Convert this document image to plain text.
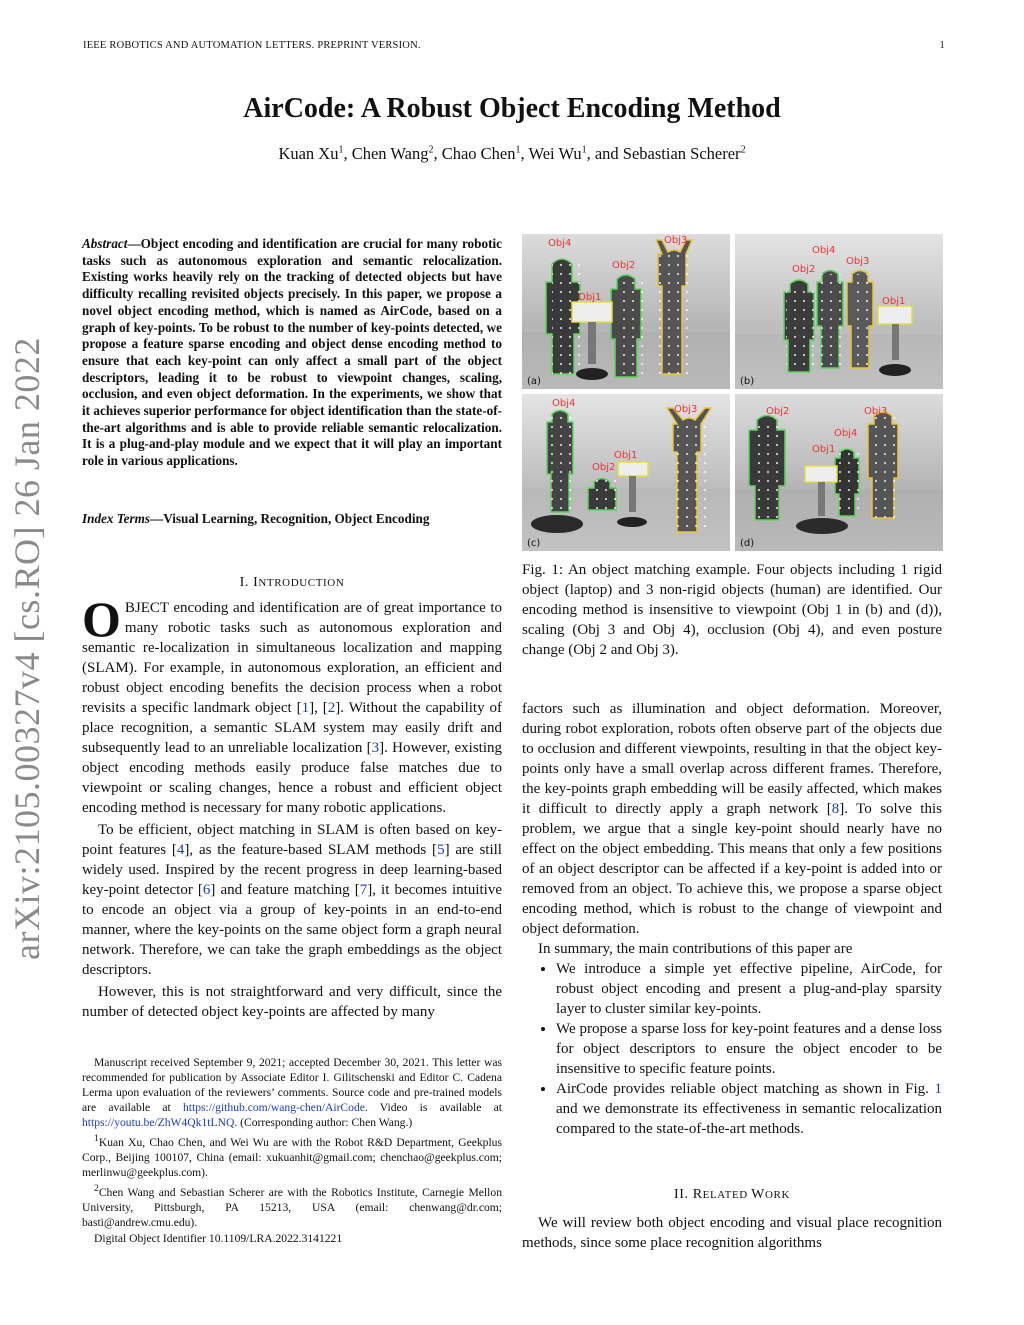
IEEE ROBOTICS AND AUTOMATION LETTERS. PREPRINT VERSION.	1
arXiv:2105.00327v4 [cs.RO] 26 Jan 2022
AirCode: A Robust Object Encoding Method
Kuan Xu$^1$, Chen Wang$^2$, Chao Chen$^1$, Wei Wu$^1$, and Sebastian Scherer$^2$
Abstract—Object encoding and identification are crucial for many robotic tasks such as autonomous exploration and semantic relocalization. Existing works heavily rely on the tracking of detected objects but have difficulty recalling revisited objects precisely. In this paper, we propose a novel object encoding method, which is named as AirCode, based on a graph of key-points. To be robust to the number of key-points detected, we propose a feature sparse encoding and object dense encoding method to ensure that each key-point can only affect a small part of the object descriptors, leading it to be robust to viewpoint changes, scaling, occlusion, and even object deformation. In the experiments, we show that it achieves superior performance for object identification than the state-of-the-art algorithms and is able to provide reliable semantic relocalization. It is a plug-and-play module and we expect that it will play an important role in various applications.
Index Terms—Visual Learning, Recognition, Object Encoding
I. INTRODUCTION

OBJECT encoding and identification are of great importance to many robotic tasks such as autonomous exploration and semantic re-localization in simultaneous localization and mapping (SLAM). For example, in autonomous exploration, an efficient and robust object encoding benefits the decision process when a robot revisits a specific landmark object [1], [2]. Without the capability of place recognition, a semantic SLAM system may easily drift and subsequently lead to an unreliable localization [3]. However, existing object encoding methods easily produce false matches due to viewpoint or scaling changes, hence a robust and efficient object encoding method is necessary for many robotic applications.

To be efficient, object matching in SLAM is often based on key-point features [4], as the feature-based SLAM methods [5] are still widely used. Inspired by the recent progress in deep learning-based key-point detector [6] and feature matching [7], it becomes intuitive to encode an object via a group of key-points in an end-to-end manner, where the key-points on the same object form a graph neural network. Therefore, we can take the graph embeddings as the object descriptors.

However, this is not straightforward and very difficult, since the number of detected object key-points are affected by many

Manuscript received September 9, 2021; accepted December 30, 2021. This letter was recommended for publication by Associate Editor I. Gilitschenski and Editor C. Cadena Lerma upon evaluation of the reviewers’ comments. Source code and pre-trained models are available at https://github.com/wang-chen/AirCode. Video is available at https://youtu.be/ZhW4Qk1tLNQ. (Corresponding author: Chen Wang.)

$^1$Kuan Xu, Chao Chen, and Wei Wu are with the Robot R&D Department, Geekplus Corp., Beijing 100107, China (email: xukuanhit@gmail.com; chenchao@geekplus.com; merlinwu@geekplus.com).

$^2$Chen Wang and Sebastian Scherer are with the Robotics Institute, Carnegie Mellon University, Pittsburgh, PA 15213, USA (email: chenwang@dr.com; basti@andrew.cmu.edu).

Digital Object Identifier 10.1109/LRA.2022.3141221

Obj4	Obj3
Obj2
Obj1
(a)
Obj4
Obj3
Obj2
Obj1
(b)
Obj4
Obj3
Obj1
Obj2
(c)
Obj2	Obj3
Obj4
Obj1
(d)
Fig. 1: An object matching example. Four objects including 1 rigid object (laptop) and 3 non-rigid objects (human) are identified. Our encoding method is insensitive to viewpoint (Obj 1 in (b) and (d)), scaling (Obj 3 and Obj 4), occlusion (Obj 4), and even posture change (Obj 2 and Obj 3).

factors such as illumination and object deformation. Moreover, during robot exploration, robots often observe part of the objects due to occlusion and different viewpoints, resulting in that the object key-points only have a small overlap across different frames. Therefore, the key-points graph embedding will be easily affected, which makes it difficult to directly apply a graph network [8]. To solve this problem, we argue that a single key-point should nearly have no effect on the object embedding. This means that only a few positions of an object descriptor can be affected if a key-point is added into or removed from an object. To achieve this, we propose a sparse object encoding method, which is robust to the change of viewpoint and object deformation.

In summary, the main contributions of this paper are

• We introduce a simple yet effective pipeline, AirCode, for robust object encoding and present a plug-and-play sparsity layer to cluster similar key-points.
• We propose a sparse loss for key-point features and a dense loss for object descriptors to ensure the object encoder to be insensitive to specific feature points.
• AirCode provides reliable object matching as shown in Fig. 1 and we demonstrate its effectiveness in semantic relocalization compared to the state-of-the-art methods.
II. RELATED WORK

We will review both object encoding and visual place recognition methods, since some place recognition algorithms
